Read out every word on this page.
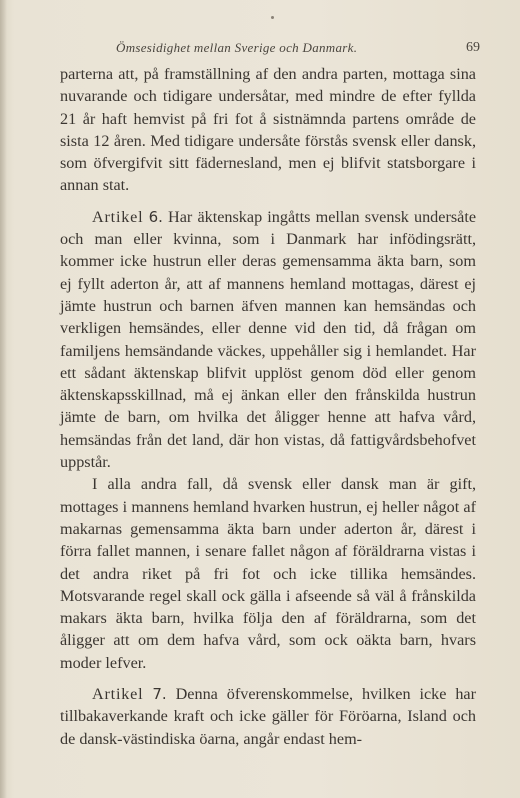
Ömsesidighet mellan Sverige och Danmark.	69

parterna att, på framställning af den andra parten, mottaga sina nuvarande och tidigare undersåtar, med mindre de efter fyllda 21 år haft hemvist på fri fot å sistnämnda partens område de sista 12 åren. Med tidigare undersåte förstås svensk eller dansk, som öfvergifvit sitt fädernesland, men ej blifvit statsborgare i annan stat.

Artikel 6. Har äktenskap ingåtts mellan svensk undersåte och man eller kvinna, som i Danmark har infödingsrätt, kommer icke hustrun eller deras gemensamma äkta barn, som ej fyllt aderton år, att af mannens hemland mottagas, därest ej jämte hustrun och barnen äfven mannen kan hemsändas och verkligen hemsändes, eller denne vid den tid, då frågan om familjens hemsändande väckes, uppehåller sig i hemlandet. Har ett sådant äktenskap blifvit upplöst genom död eller genom äktenskapsskillnad, må ej änkan eller den frånskilda hustrun jämte de barn, om hvilka det åligger henne att hafva vård, hemsändas från det land, där hon vistas, då fattigvårdsbehofvet uppstår.

I alla andra fall, då svensk eller dansk man är gift, mottages i mannens hemland hvarken hustrun, ej heller något af makarnas gemensamma äkta barn under aderton år, därest i förra fallet mannen, i senare fallet någon af föräldrarna vistas i det andra riket på fri fot och icke tillika hemsändes. Motsvarande regel skall ock gälla i afseende så väl å frånskilda makars äkta barn, hvilka följa den af föräldrarna, som det åligger att om dem hafva vård, som ock oäkta barn, hvars moder lefver.

Artikel 7. Denna öfverenskommelse, hvilken icke har tillbakaverkande kraft och icke gäller för Föröarna, Island och de dansk-västindiska öarna, angår endast hem-
